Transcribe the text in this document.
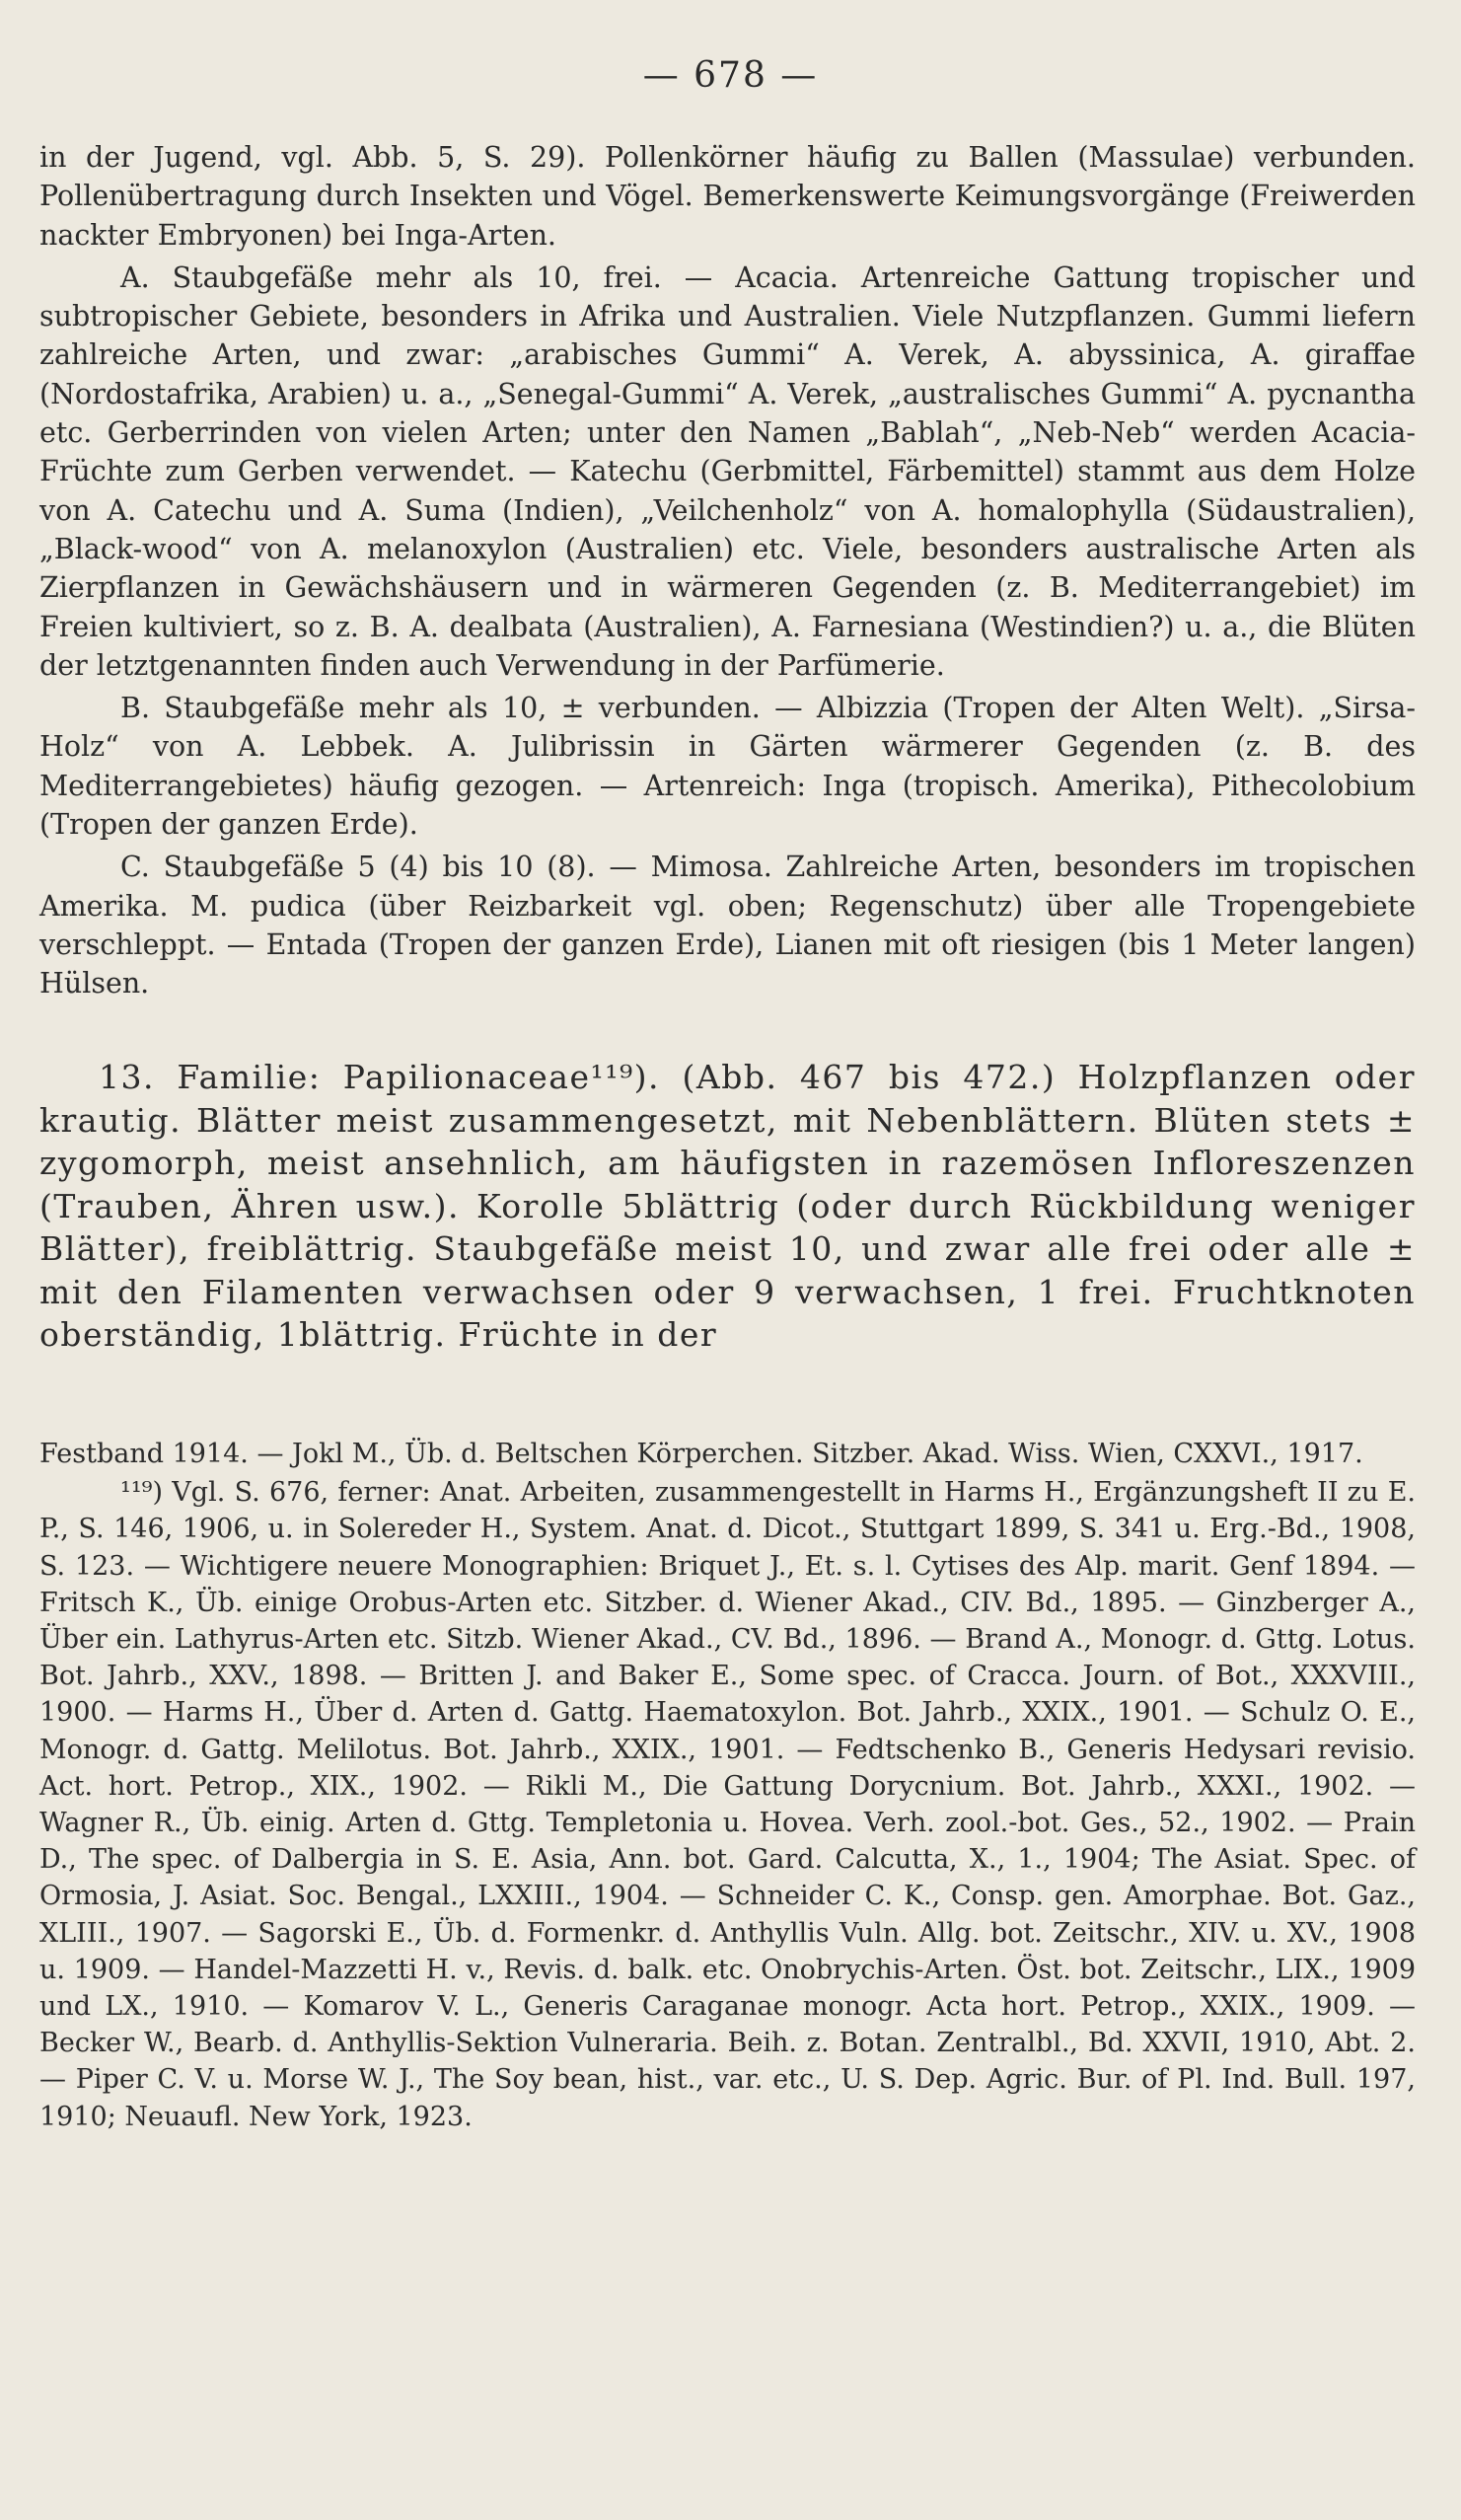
— 678 —

in der Jugend, vgl. Abb. 5, S. 29). Pollenkörner häufig zu Ballen (Massulae) verbunden. Pollenübertragung durch Insekten und Vögel. Bemerkenswerte Keimungsvorgänge (Freiwerden nackter Embryonen) bei Inga-Arten.

A. Staubgefäße mehr als 10, frei. — Acacia. Artenreiche Gattung tropischer und subtropischer Gebiete, besonders in Afrika und Australien. Viele Nutzpflanzen. Gummi liefern zahlreiche Arten, und zwar: „arabisches Gummi“ A. Verek, A. abyssinica, A. giraffae (Nordostafrika, Arabien) u. a., „Senegal-Gummi“ A. Verek, „australisches Gummi“ A. pycnantha etc. Gerberrinden von vielen Arten; unter den Namen „Bablah“, „Neb-Neb“ werden Acacia-Früchte zum Gerben verwendet. — Katechu (Gerbmittel, Färbemittel) stammt aus dem Holze von A. Catechu und A. Suma (Indien), „Veilchenholz“ von A. homalophylla (Südaustralien), „Black-wood“ von A. melanoxylon (Australien) etc. Viele, besonders australische Arten als Zierpflanzen in Gewächshäusern und in wärmeren Gegenden (z. B. Mediterrangebiet) im Freien kultiviert, so z. B. A. dealbata (Australien), A. Farnesiana (Westindien?) u. a., die Blüten der letztgenannten finden auch Verwendung in der Parfümerie.

B. Staubgefäße mehr als 10, ± verbunden. — Albizzia (Tropen der Alten Welt). „Sirsa-Holz“ von A. Lebbek. A. Julibrissin in Gärten wärmerer Gegenden (z. B. des Mediterrangebietes) häufig gezogen. — Artenreich: Inga (tropisch. Amerika), Pithecolobium (Tropen der ganzen Erde).

C. Staubgefäße 5 (4) bis 10 (8). — Mimosa. Zahlreiche Arten, besonders im tropischen Amerika. M. pudica (über Reizbarkeit vgl. oben; Regenschutz) über alle Tropengebiete verschleppt. — Entada (Tropen der ganzen Erde), Lianen mit oft riesigen (bis 1 Meter langen) Hülsen.

13. Familie: Papilionaceae¹¹⁹). (Abb. 467 bis 472.) Holzpflanzen oder krautig. Blätter meist zusammengesetzt, mit Nebenblättern. Blüten stets ± zygomorph, meist ansehnlich, am häufigsten in razemösen Infloreszenzen (Trauben, Ähren usw.). Korolle 5blättrig (oder durch Rückbildung weniger Blätter), freiblättrig. Staubgefäße meist 10, und zwar alle frei oder alle ± mit den Filamenten verwachsen oder 9 verwachsen, 1 frei. Fruchtknoten oberständig, 1blättrig. Früchte in der

Festband 1914. — Jokl M., Üb. d. Beltschen Körperchen. Sitzber. Akad. Wiss. Wien, CXXVI., 1917.

¹¹⁹) Vgl. S. 676, ferner: Anat. Arbeiten, zusammengestellt in Harms H., Ergänzungsheft II zu E. P., S. 146, 1906, u. in Solereder H., System. Anat. d. Dicot., Stuttgart 1899, S. 341 u. Erg.-Bd., 1908, S. 123. — Wichtigere neuere Monographien: Briquet J., Et. s. l. Cytises des Alp. marit. Genf 1894. — Fritsch K., Üb. einige Orobus-Arten etc. Sitzber. d. Wiener Akad., CIV. Bd., 1895. — Ginzberger A., Über ein. Lathyrus-Arten etc. Sitzb. Wiener Akad., CV. Bd., 1896. — Brand A., Monogr. d. Gttg. Lotus. Bot. Jahrb., XXV., 1898. — Britten J. and Baker E., Some spec. of Cracca. Journ. of Bot., XXXVIII., 1900. — Harms H., Über d. Arten d. Gattg. Haematoxylon. Bot. Jahrb., XXIX., 1901. — Schulz O. E., Monogr. d. Gattg. Melilotus. Bot. Jahrb., XXIX., 1901. — Fedtschenko B., Generis Hedysari revisio. Act. hort. Petrop., XIX., 1902. — Rikli M., Die Gattung Dorycnium. Bot. Jahrb., XXXI., 1902. — Wagner R., Üb. einig. Arten d. Gttg. Templetonia u. Hovea. Verh. zool.-bot. Ges., 52., 1902. — Prain D., The spec. of Dalbergia in S. E. Asia, Ann. bot. Gard. Calcutta, X., 1., 1904; The Asiat. Spec. of Ormosia, J. Asiat. Soc. Bengal., LXXIII., 1904. — Schneider C. K., Consp. gen. Amorphae. Bot. Gaz., XLIII., 1907. — Sagorski E., Üb. d. Formenkr. d. Anthyllis Vuln. Allg. bot. Zeitschr., XIV. u. XV., 1908 u. 1909. — Handel-Mazzetti H. v., Revis. d. balk. etc. Onobrychis-Arten. Öst. bot. Zeitschr., LIX., 1909 und LX., 1910. — Komarov V. L., Generis Caraganae monogr. Acta hort. Petrop., XXIX., 1909. — Becker W., Bearb. d. Anthyllis-Sektion Vulneraria. Beih. z. Botan. Zentralbl., Bd. XXVII, 1910, Abt. 2. — Piper C. V. u. Morse W. J., The Soy bean, hist., var. etc., U. S. Dep. Agric. Bur. of Pl. Ind. Bull. 197, 1910; Neuaufl. New York, 1923.
